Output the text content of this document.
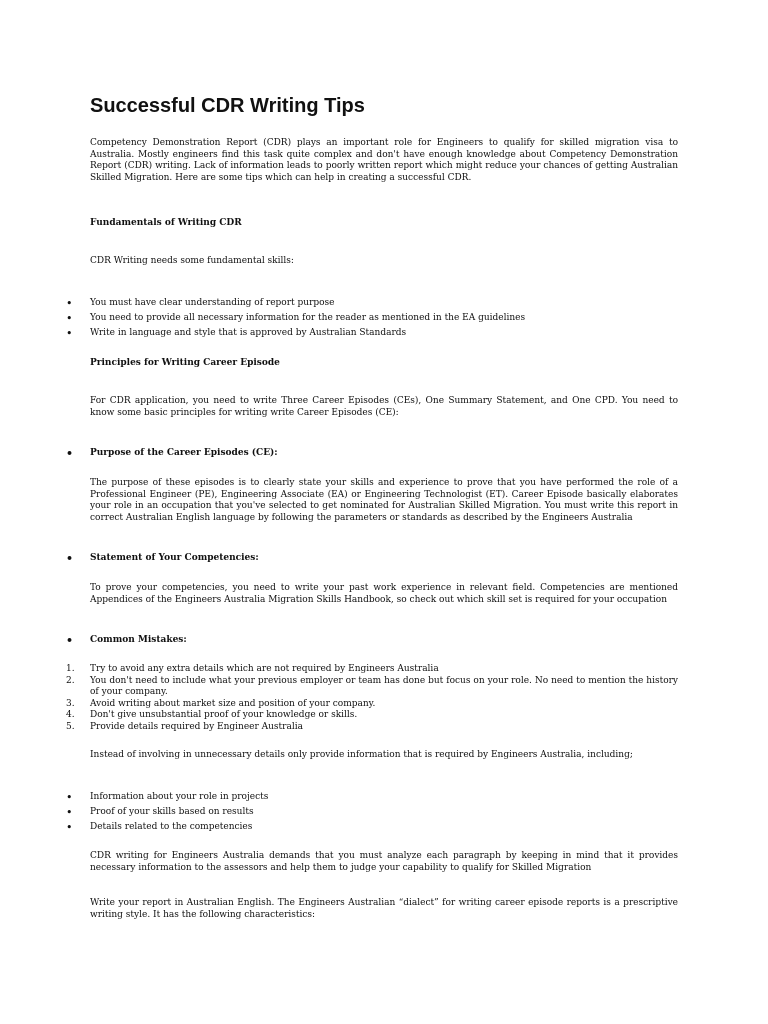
Successful CDR Writing Tips

Competency Demonstration Report (CDR) plays an important role for Engineers to qualify for skilled migration visa to Australia. Mostly engineers find this task quite complex and don't have enough knowledge about Competency Demonstration Report (CDR) writing. Lack of information leads to poorly written report which might reduce your chances of getting Australian Skilled Migration. Here are some tips which can help in creating a successful CDR.

Fundamentals of Writing CDR

CDR Writing needs some fundamental skills:

• You must have clear understanding of report purpose
• You need to provide all necessary information for the reader as mentioned in the EA guidelines
• Write in language and style that is approved by Australian Standards

Principles for Writing Career Episode

For CDR application, you need to write Three Career Episodes (CEs), One Summary Statement, and One CPD. You need to know some basic principles for writing write Career Episodes (CE):

• Purpose of the Career Episodes (CE):

The purpose of these episodes is to clearly state your skills and experience to prove that you have performed the role of a Professional Engineer (PE), Engineering Associate (EA) or Engineering Technologist (ET). Career Episode basically elaborates your role in an occupation that you've selected to get nominated for Australian Skilled Migration. You must write this report in correct Australian English language by following the parameters or standards as described by the Engineers Australia

• Statement of Your Competencies:

To prove your competencies, you need to write your past work experience in relevant field. Competencies are mentioned Appendices of the Engineers Australia Migration Skills Handbook, so check out which skill set is required for your occupation

• Common Mistakes:
1. Try to avoid any extra details which are not required by Engineers Australia
2. You don't need to include what your previous employer or team has done but focus on your role. No need to mention the history of your company.
3. Avoid writing about market size and position of your company.
4. Don't give unsubstantial proof of your knowledge or skills.
5. Provide details required by Engineer Australia

Instead of involving in unnecessary details only provide information that is required by Engineers Australia, including;

• Information about your role in projects
• Proof of your skills based on results
• Details related to the competencies

CDR writing for Engineers Australia demands that you must analyze each paragraph by keeping in mind that it provides necessary information to the assessors and help them to judge your capability to qualify for Skilled Migration

Write your report in Australian English. The Engineers Australian “dialect” for writing career episode reports is a prescriptive writing style. It has the following characteristics:
